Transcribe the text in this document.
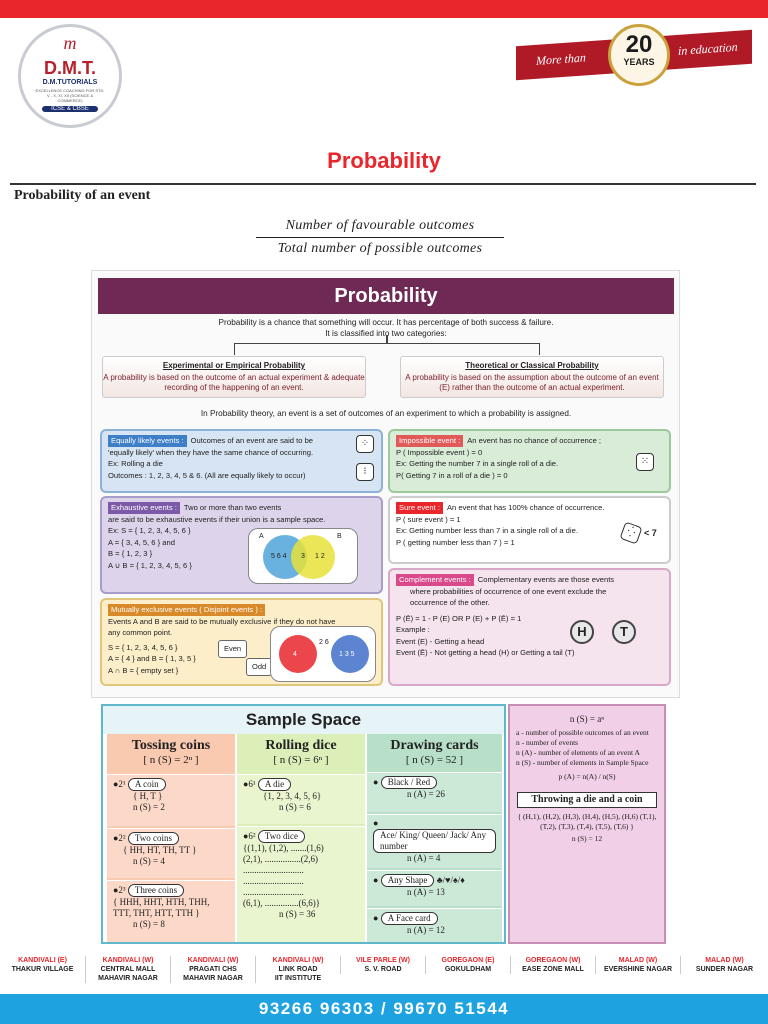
m
D.M.T.
D.M.TUTORIALS
EXCELLENCE COACHING FOR STD. V - X, XI, XII (SCIENCE & COMMERCE)
ICSE & CBSE
More than
in education
20
YEARS
Probability
Probability of an event
Number of favourable outcomes
Total number of possible outcomes
Probability
Probability is a chance that something will occur. It has percentage of both success & failure.
It is classified into two categories:
Experimental or Empirical Probability
A probability is based on the outcome of an actual experiment & adequate recording of the happening of an event.
Theoretical or Classical Probability
A probability is based on the assumption about the outcome of an event (E) rather than the outcome of an actual experiment.
In Probability theory, an event is a set of outcomes of an experiment to which a probability is assigned.
Equally likely events : Outcomes of an event are said to be
'equally likely' when they have the same chance of occurring.
Ex: Rolling a die
Outcomes : 1, 2, 3, 4, 5 & 6. (All are equally likely to occur)
⁘
⁝
Exhaustive events : Two or more than two events
are said to be exhaustive events if their union is a sample space.
Ex: S = { 1, 2, 3, 4, 5, 6 }
A = { 3, 4, 5, 6 } and
B = { 1, 2, 3 }
A ∪ B = { 1, 2, 3, 4, 5, 6 }
A	B
5 6 4 3 1 2
Mutually exclusive events ( Disjoint events ) :
Events A and B are said to be mutually exclusive if they do not have
any common point.
S = { 1, 2, 3, 4, 5, 6 }
A = { 4 } and B = { 1, 3, 5 }
A ∩ B = { empty set }
Even
Odd
4	1 3 5
2 6
Impossible event : An event has no chance of occurrence ;
P ( Impossible event ) = 0
Ex: Getting the number 7 in a single roll of a die.
P( Getting 7 in a roll of a die ) = 0
⁙
Sure event : An event that has 100% chance of occurrence.
P ( sure event ) = 1
Ex: Getting number less than 7 in a single roll of a die.
P ( getting number less than 7 ) = 1
⁛ < 7
Complement events : Complementary events are those events
where probabilities of occurrence of one event exclude the
occurrence of the other.
P (Ē) = 1 - P (E) OR P (E) + P (Ē) = 1
Example :
Event (E) - Getting a head
Event (Ē) - Not getting a head (H) or Getting a tail (T)
H	T
Sample Space
Tossing coins
[ n (S) = 2ⁿ ]
●2¹ A coin
{ H, T }
n (S) = 2
●2² Two coins
{ HH, HT, TH, TT }
n (S) = 4
●2³ Three coins
{ HHH, HHT, HTH, THH, TTT, THT, HTT, TTH }
n (S) = 8
Rolling dice
[ n (S) = 6ⁿ ]
●6¹ A die
{1, 2, 3, 4, 5, 6}
n (S) = 6
●6² Two dice
{(1,1), (1,2), .......(1,6)
(2,1), ................(2,6)
...........................
...........................
...........................
(6,1), ...............(6,6)}
n (S) = 36
Drawing cards
[ n (S) = 52 ]
● Black / Red
n (A) = 26
● Ace/ King/ Queen/ Jack/ Any number
n (A) = 4
● Any Shape ♣/♥/♠/♦
n (A) = 13
● A Face card
n (A) = 12
n (S) = aⁿ
a - number of possible outcomes of an event
n - number of events
n (A) - number of elements of an event A
n (S) - number of elements in Sample Space
p (A) = n(A) / n(S)
Throwing a die and a coin
{ (H,1), (H,2), (H,3), (H,4), (H,5), (H,6) (T,1), (T,2), (T,3), (T,4), (T,5), (T,6) }
n (S) = 12
KANDIVALI (E)
THAKUR VILLAGE
KANDIVALI (W)
CENTRAL MALL
MAHAVIR NAGAR
KANDIVALI (W)
PRAGATI CHS
MAHAVIR NAGAR
KANDIVALI (W)
LINK ROAD
IIT INSTITUTE
VILE PARLE (W)
S. V. ROAD
GOREGAON (E)
GOKULDHAM
GOREGAON (W)
EASE ZONE MALL
MALAD (W)
EVERSHINE NAGAR
MALAD (W)
SUNDER NAGAR
93266 96303 / 99670 51544
